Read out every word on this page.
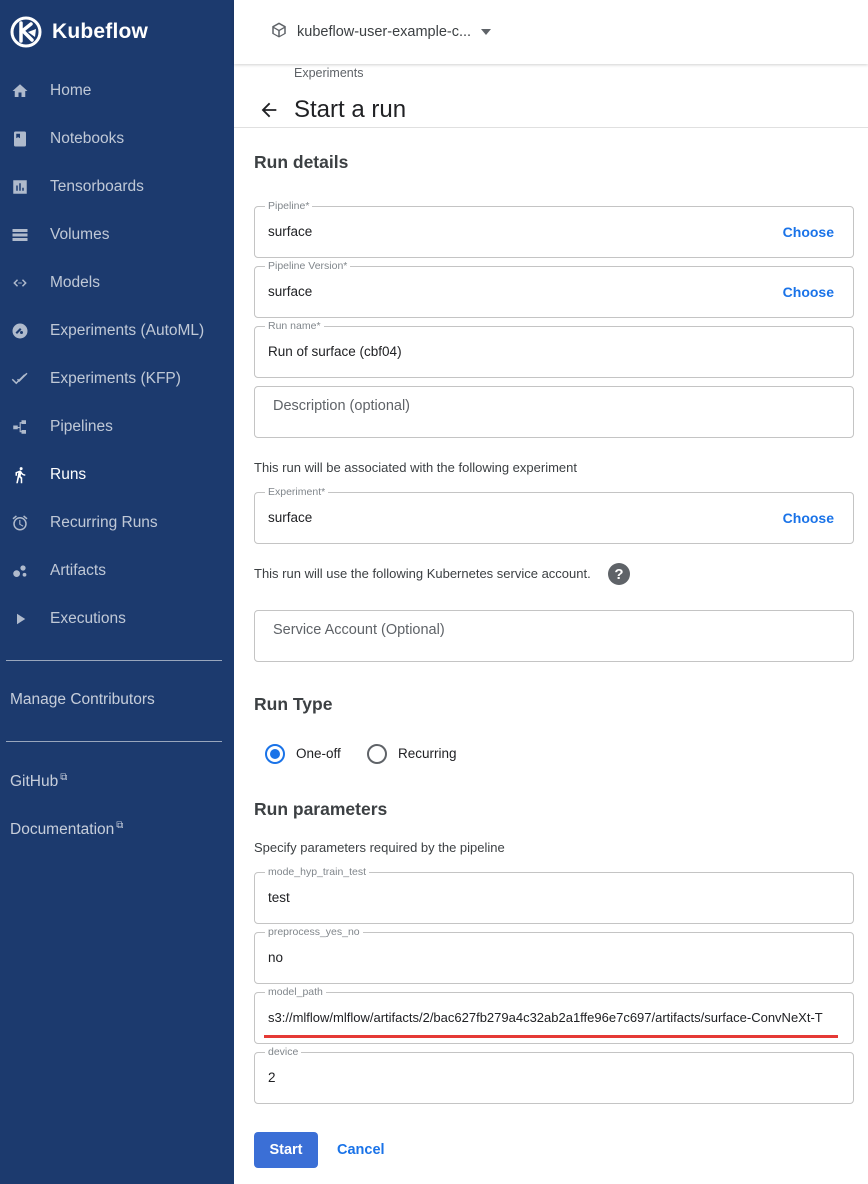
Kubeflow
Home
Notebooks
Tensorboards
Volumes
Models
Experiments (AutoML)
Experiments (KFP)
Pipelines
Runs
Recurring Runs
Artifacts
Executions
Manage Contributors
GitHub ⧉
Documentation ⧉
kubeflow-user-example-c...
Experiments
Start a run
Run details
Pipeline*
surface	Choose
Pipeline Version*
surface	Choose
Run name*
Run of surface (cbf04)
Description (optional)
This run will be associated with the following experiment
Experiment*
surface	Choose
This run will use the following Kubernetes service account.	?
Service Account (Optional)
Run Type
One-off	Recurring
Run parameters
Specify parameters required by the pipeline
mode_hyp_train_test
test
preprocess_yes_no
no
model_path
s3://mlflow/mlflow/artifacts/2/bac627fb279a4c32ab2a1ffe96e7c697/artifacts/surface-ConvNeXt-T
device
2
Start	Cancel
